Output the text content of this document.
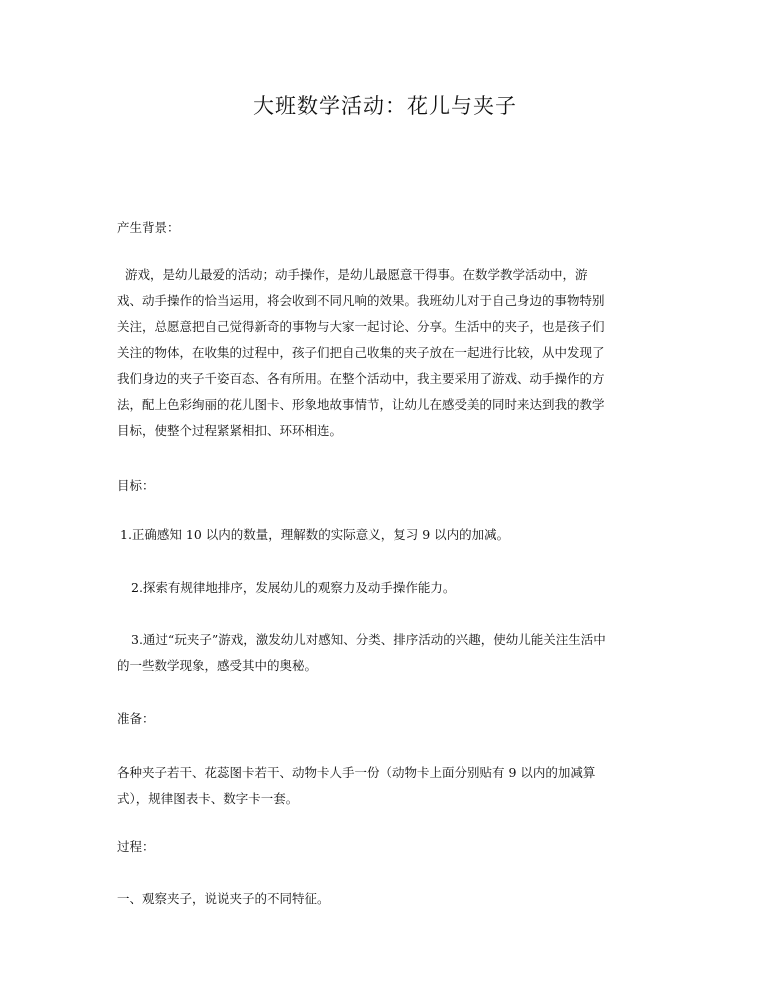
大班数学活动：花儿与夹子
产生背景：
游戏，是幼儿最爱的活动；动手操作，是幼儿最愿意干得事。在数学教学活动中，游
戏、动手操作的恰当运用，将会收到不同凡响的效果。我班幼儿对于自己身边的事物特别
关注，总愿意把自己觉得新奇的事物与大家一起讨论、分享。生活中的夹子，也是孩子们
关注的物体，在收集的过程中，孩子们把自己收集的夹子放在一起进行比较，从中发现了
我们身边的夹子千姿百态、各有所用。在整个活动中，我主要采用了游戏、动手操作的方
法，配上色彩绚丽的花儿图卡、形象地故事情节，让幼儿在感受美的同时来达到我的教学
目标，使整个过程紧紧相扣、环环相连。
目标：
1.正确感知 10 以内的数量，理解数的实际意义，复习 9 以内的加减。
2.探索有规律地排序，发展幼儿的观察力及动手操作能力。
3.通过“玩夹子”游戏，激发幼儿对感知、分类、排序活动的兴趣，使幼儿能关注生活中
的一些数学现象，感受其中的奥秘。
准备：
各种夹子若干、花蕊图卡若干、动物卡人手一份（动物卡上面分别贴有 9 以内的加减算
式），规律图表卡、数字卡一套。
过程：
一、观察夹子，说说夹子的不同特征。
